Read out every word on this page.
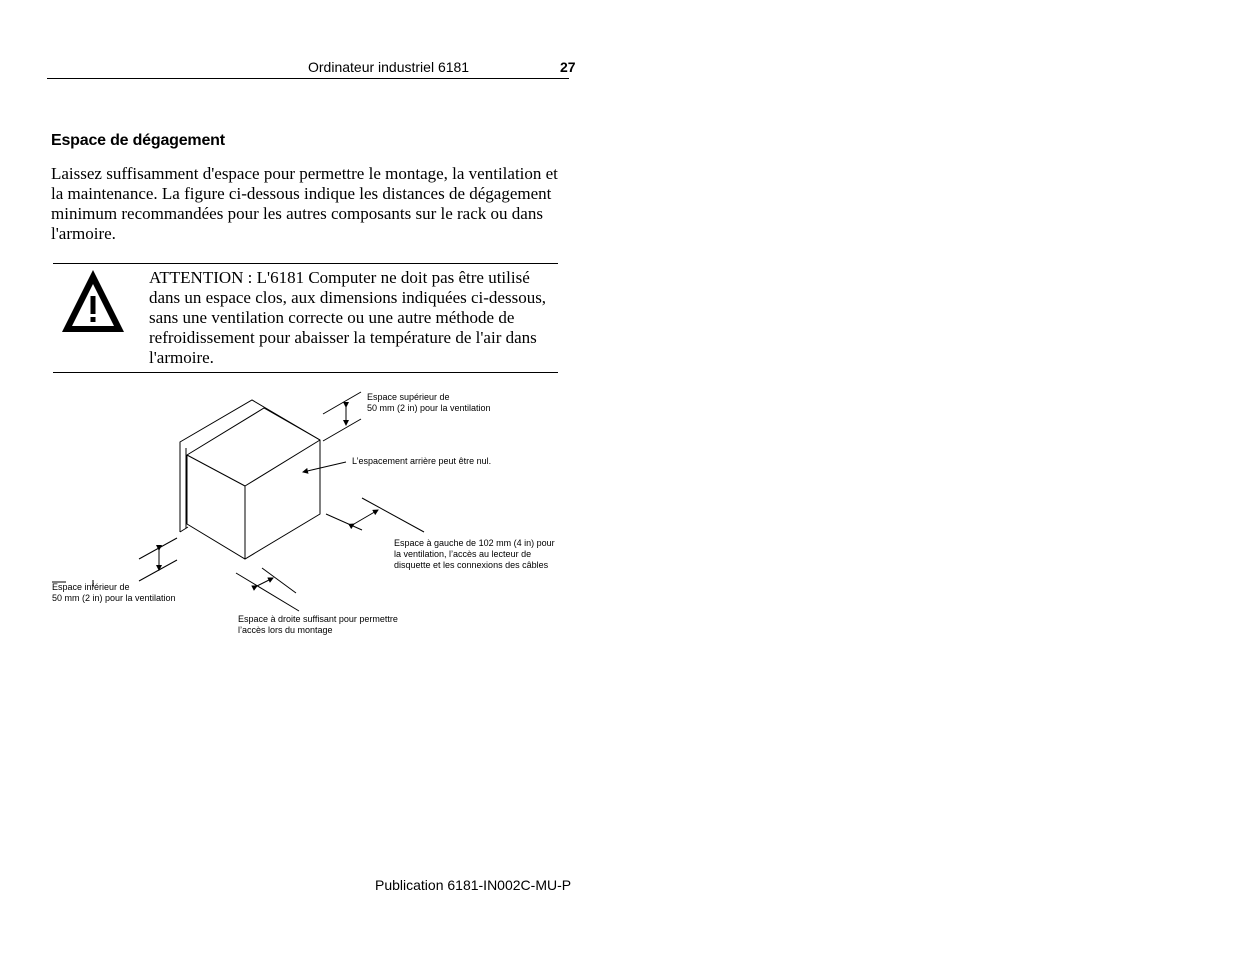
Ordinateur industriel 6181	27
Espace de dégagement
Laissez suffisamment d'espace pour permettre le montage, la ventilation et la maintenance. La figure ci-dessous indique les distances de dégagement minimum recommandées pour les autres composants sur le rack ou dans l'armoire.
ATTENTION : L'6181 Computer ne doit pas être utilisé dans un espace clos, aux dimensions indiquées ci-dessous, sans une ventilation correcte ou une autre méthode de refroidissement pour abaisser la température de l'air dans l'armoire.
Espace supérieur de
50 mm (2 in) pour la ventilation
L’espacement arrière peut être nul.
Espace à gauche de 102 mm (4 in) pour
la ventilation, l’accès au lecteur de
disquette et les connexions des câbles
Espace inférieur de
50 mm (2 in) pour la ventilation
Espace à droite suffisant pour permettre
l’accès lors du montage
Publication 6181-IN002C-MU-P
